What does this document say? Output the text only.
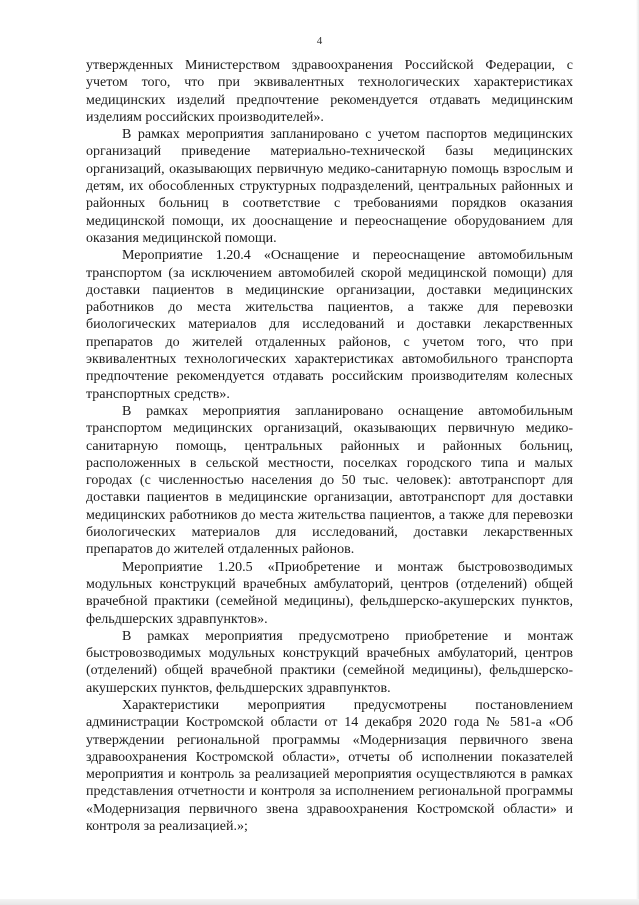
4

утвержденных Министерством здравоохранения Российской Федерации, с учетом того, что при эквивалентных технологических характеристиках медицинских изделий предпочтение рекомендуется отдавать медицинским изделиям российских производителей».

В рамках мероприятия запланировано с учетом паспортов медицинских организаций приведение материально-технической базы медицинских организаций, оказывающих первичную медико-санитарную помощь взрослым и детям, их обособленных структурных подразделений, центральных районных и районных больниц в соответствие с требованиями порядков оказания медицинской помощи, их дооснащение и переоснащение оборудованием для оказания медицинской помощи.

Мероприятие 1.20.4 «Оснащение и переоснащение автомобильным транспортом (за исключением автомобилей скорой медицинской помощи) для доставки пациентов в медицинские организации, доставки медицинских работников до места жительства пациентов, а также для перевозки биологических материалов для исследований и доставки лекарственных препаратов до жителей отдаленных районов, с учетом того, что при эквивалентных технологических характеристиках автомобильного транспорта предпочтение рекомендуется отдавать российским производителям колесных транспортных средств».

В рамках мероприятия запланировано оснащение автомобильным транспортом медицинских организаций, оказывающих первичную медико-санитарную помощь, центральных районных и районных больниц, расположенных в сельской местности, поселках городского типа и малых городах (с численностью населения до 50 тыс. человек): автотранспорт для доставки пациентов в медицинские организации, автотранспорт для доставки медицинских работников до места жительства пациентов, а также для перевозки биологических материалов для исследований, доставки лекарственных препаратов до жителей отдаленных районов.

Мероприятие 1.20.5 «Приобретение и монтаж быстровозводимых модульных конструкций врачебных амбулаторий, центров (отделений) общей врачебной практики (семейной медицины), фельдшерско-акушерских пунктов, фельдшерских здравпунктов».

В рамках мероприятия предусмотрено приобретение и монтаж быстровозводимых модульных конструкций врачебных амбулаторий, центров (отделений) общей врачебной практики (семейной медицины), фельдшерско-акушерских пунктов, фельдшерских здравпунктов.

Характеристики мероприятия предусмотрены постановлением администрации Костромской области от 14 декабря 2020 года № 581-а «Об утверждении региональной программы «Модернизация первичного звена здравоохранения Костромской области», отчеты об исполнении показателей мероприятия и контроль за реализацией мероприятия осуществляются в рамках представления отчетности и контроля за исполнением региональной программы «Модернизация первичного звена здравоохранения Костромской области» и контроля за реализацией.»;
